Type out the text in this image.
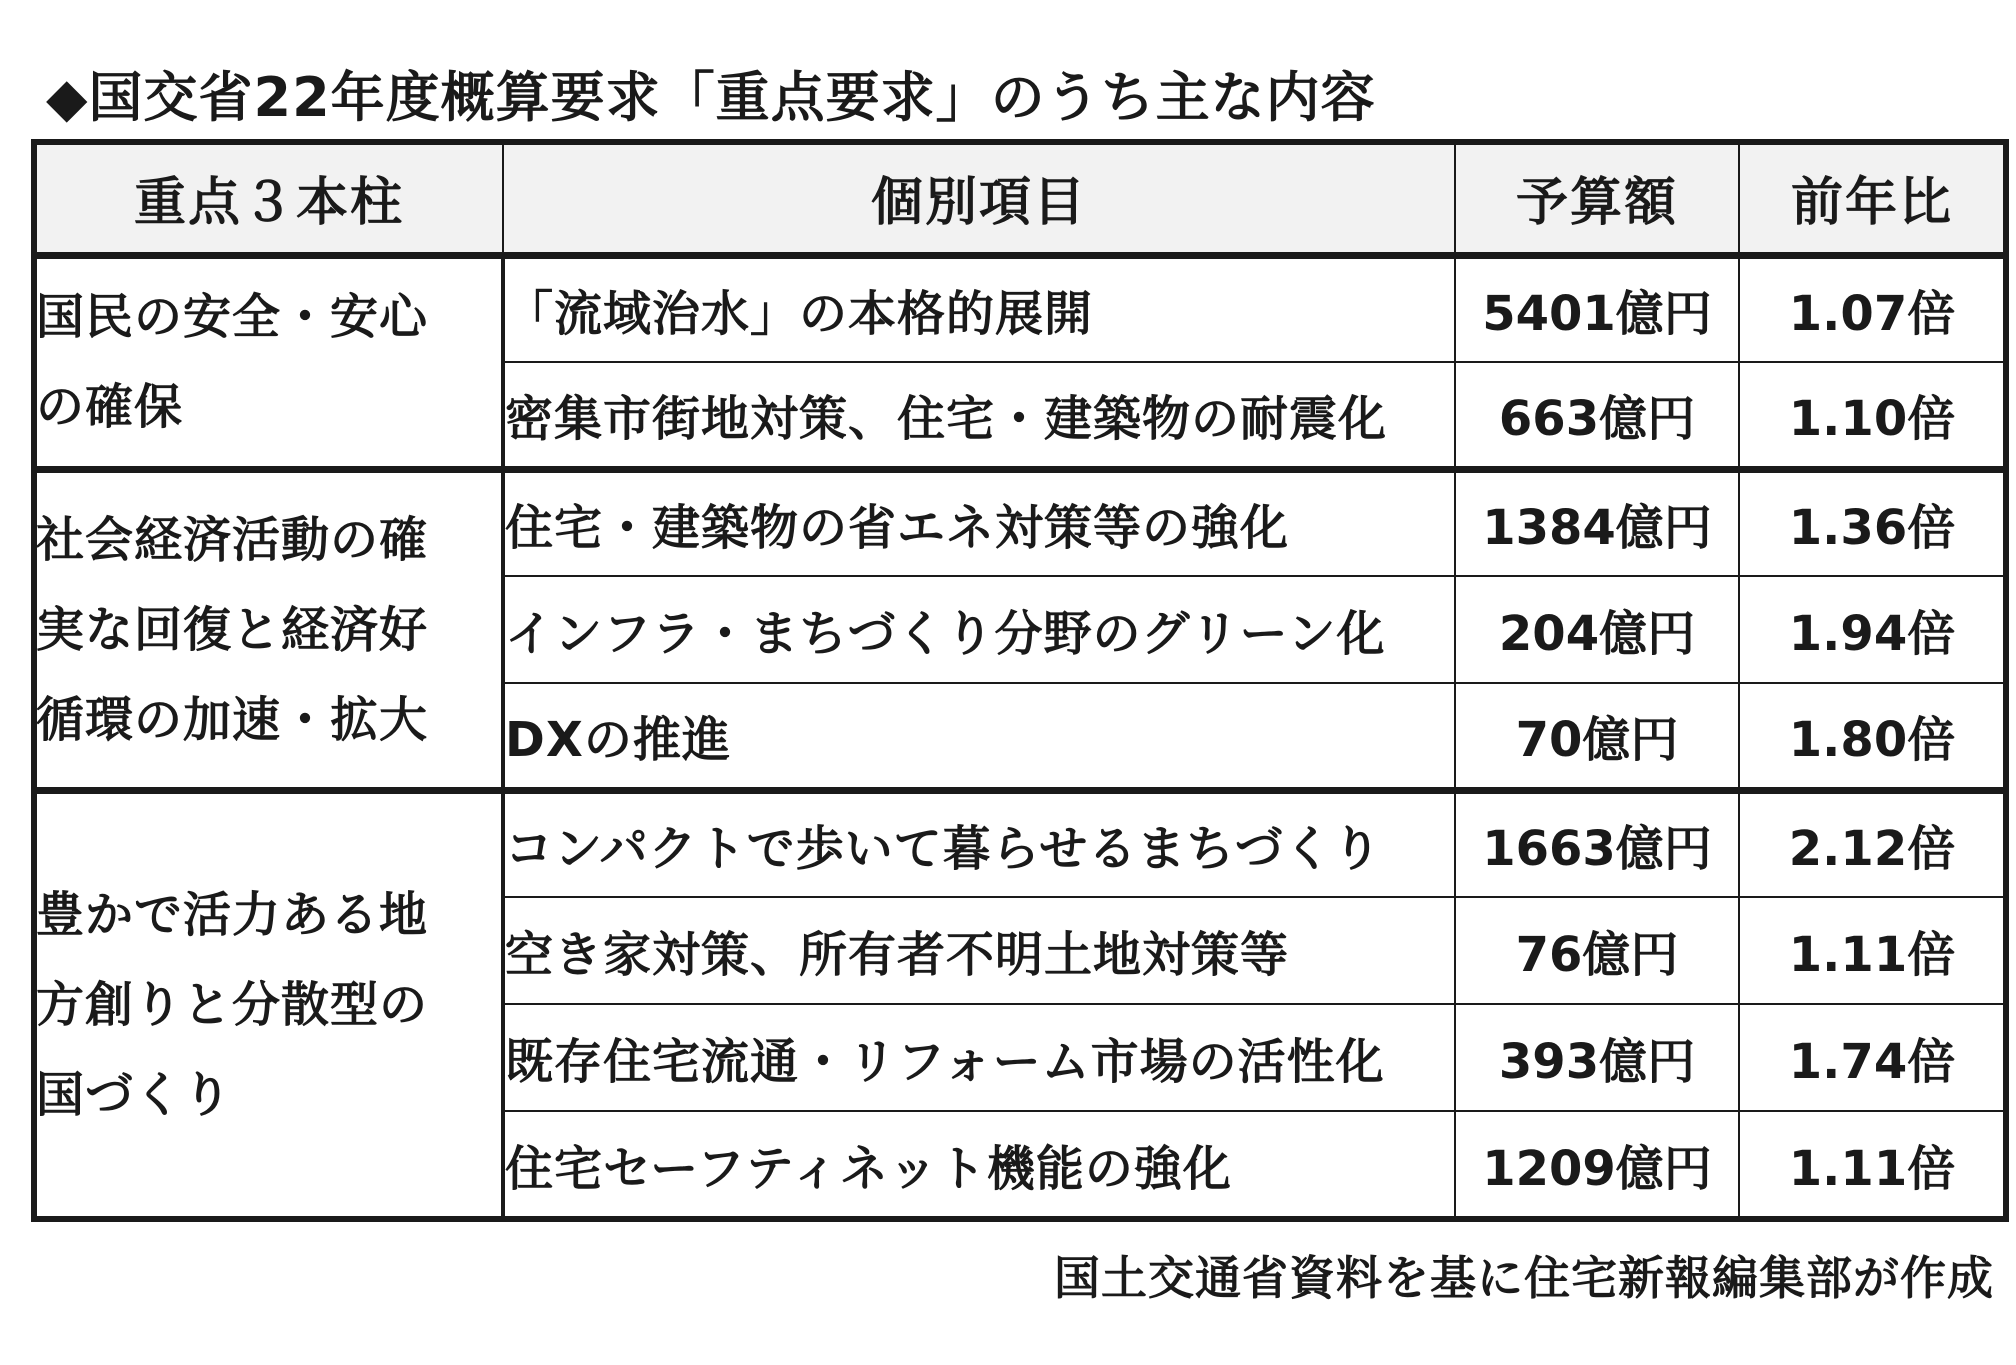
◆国交省22年度概算要求「重点要求」のうち主な内容
重点３本柱	個別項目	予算額	前年比

国民の安全・安心
の確保	「流域治水」の本格的展開	5401億円	1.07倍
	密集市街地対策、住宅・建築物の耐震化	663億円	1.10倍

社会経済活動の確
実な回復と経済好
循環の加速・拡大	住宅・建築物の省エネ対策等の強化	1384億円	1.36倍
	インフラ・まちづくり分野のグリーン化	204億円	1.94倍
	DXの推進	70億円	1.80倍

豊かで活力ある地
方創りと分散型の
国づくり	コンパクトで歩いて暮らせるまちづくり	1663億円	2.12倍
	空き家対策、所有者不明土地対策等	76億円	1.11倍
	既存住宅流通・リフォーム市場の活性化	393億円	1.74倍
	住宅セーフティネット機能の強化	1209億円	1.11倍
国土交通省資料を基に住宅新報編集部が作成
